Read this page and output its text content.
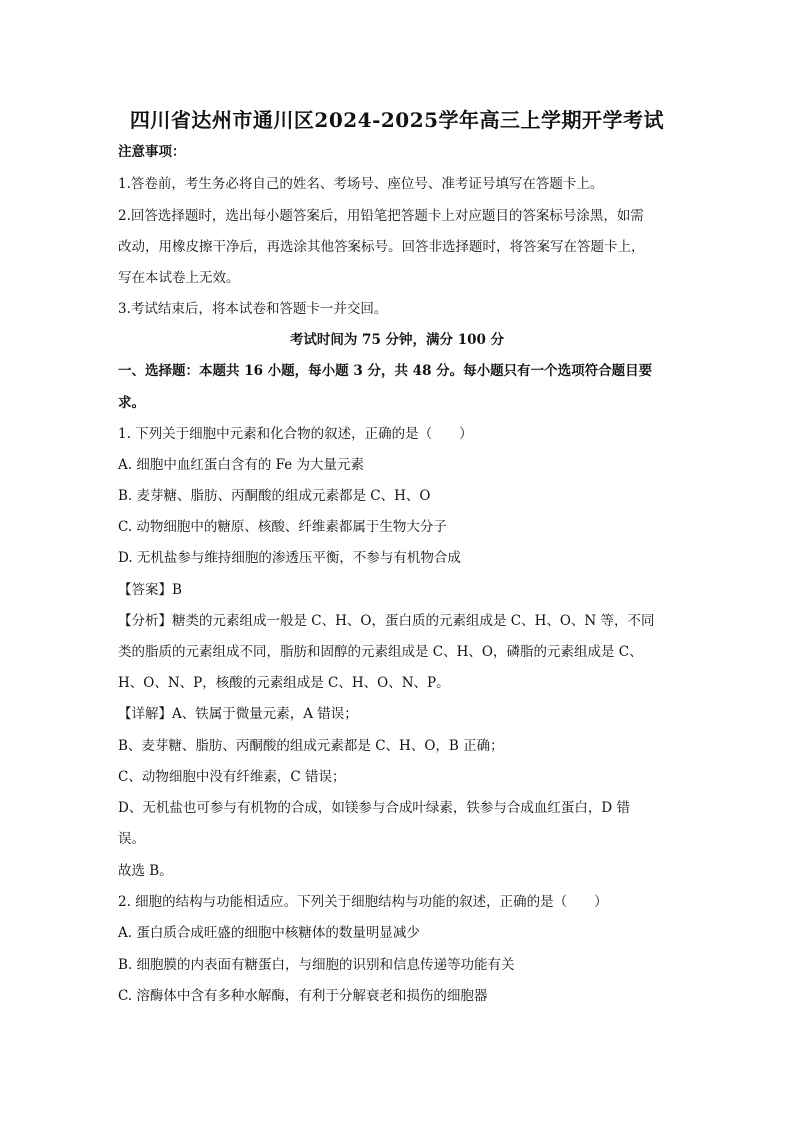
四川省达州市通川区2024-2025学年高三上学期开学考试
注意事项：
1.答卷前，考生务必将自己的姓名、考场号、座位号、准考证号填写在答题卡上。
2.回答选择题时，选出每小题答案后，用铅笔把答题卡上对应题目的答案标号涂黑，如需
改动，用橡皮擦干净后，再选涂其他答案标号。回答非选择题时，将答案写在答题卡上，
写在本试卷上无效。
3.考试结束后，将本试卷和答题卡一并交回。
考试时间为 75 分钟，满分 100 分
一、选择题：本题共 16 小题，每小题 3 分，共 48 分。每小题只有一个选项符合题目要
求。
1. 下列关于细胞中元素和化合物的叙述，正确的是（　　）
A. 细胞中血红蛋白含有的 Fe 为大量元素
B. 麦芽糖、脂肪、丙酮酸的组成元素都是 C、H、O
C. 动物细胞中的糖原、核酸、纤维素都属于生物大分子
D. 无机盐参与维持细胞的渗透压平衡，不参与有机物合成
【答案】B
【分析】糖类的元素组成一般是 C、H、O，蛋白质的元素组成是 C、H、O、N 等，不同
类的脂质的元素组成不同，脂肪和固醇的元素组成是 C、H、O，磷脂的元素组成是 C、
H、O、N、P，核酸的元素组成是 C、H、O、N、P。
【详解】A、铁属于微量元素，A 错误；
B、麦芽糖、脂肪、丙酮酸的组成元素都是 C、H、O，B 正确；
C、动物细胞中没有纤维素，C 错误；
D、无机盐也可参与有机物的合成，如镁参与合成叶绿素，铁参与合成血红蛋白，D 错
误。
故选 B。
2. 细胞的结构与功能相适应。下列关于细胞结构与功能的叙述，正确的是（　　）
A. 蛋白质合成旺盛的细胞中核糖体的数量明显减少
B. 细胞膜的内表面有糖蛋白，与细胞的识别和信息传递等功能有关
C. 溶酶体中含有多种水解酶，有利于分解衰老和损伤的细胞器
